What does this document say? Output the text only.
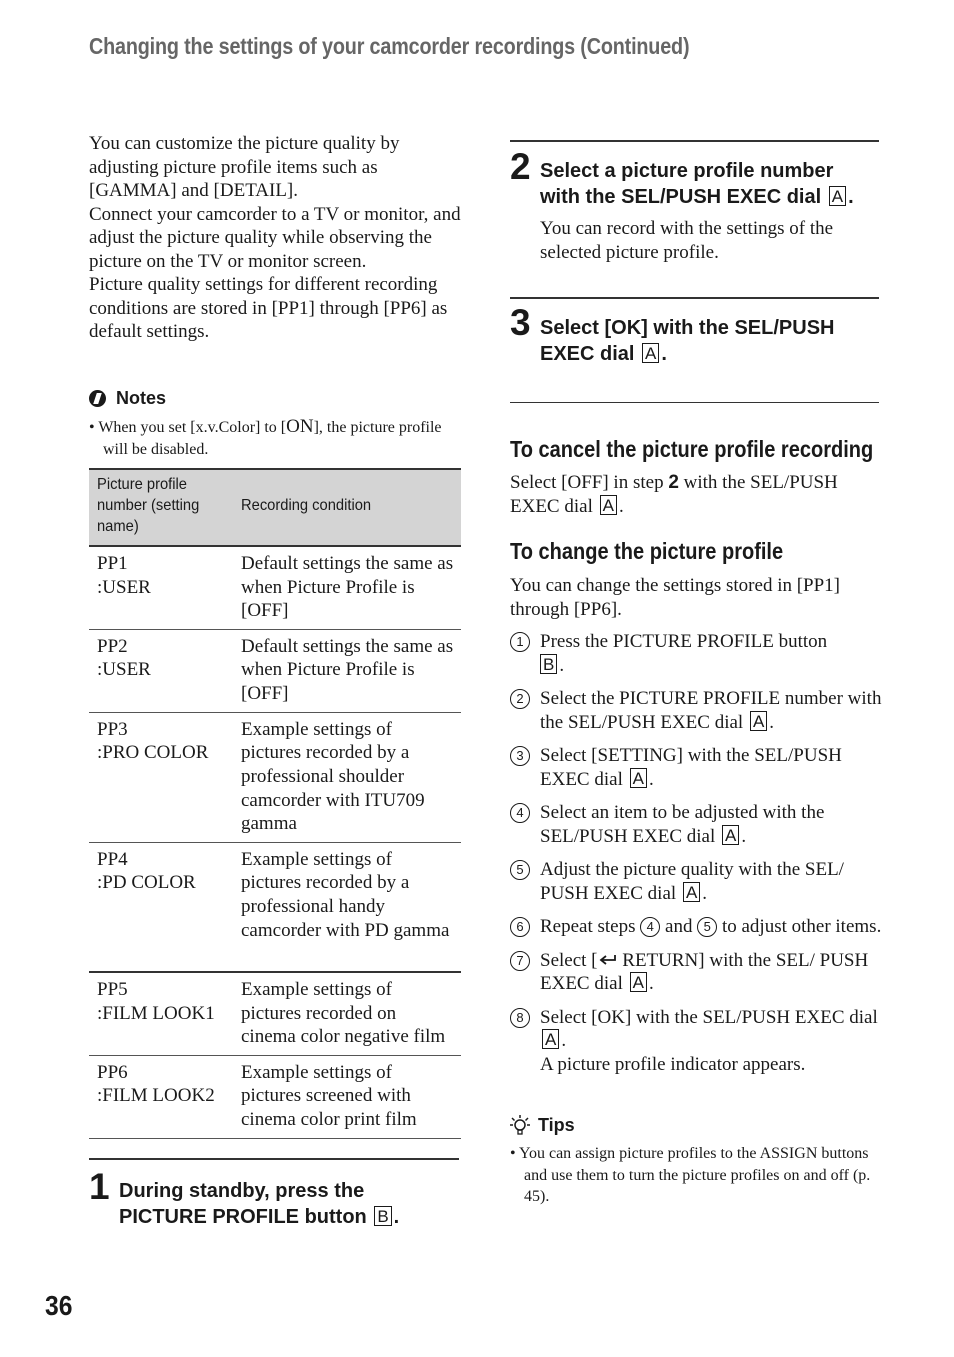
Changing the settings of your camcorder recordings (Continued)

You can customize the picture quality by adjusting picture profile items such as [GAMMA] and [DETAIL].

Connect your camcorder to a TV or monitor, and adjust the picture quality while observing the picture on the TV or monitor screen.

Picture quality settings for different recording conditions are stored in [PP1] through [PP6] as default settings.

Notes
• When you set [x.v.Color] to [ON], the picture profile will be disabled.
Picture profile number (setting name)	Recording condition
PP1
:USER	Default settings the same as when Picture Profile is [OFF]
PP2
:USER	Default settings the same as when Picture Profile is [OFF]
PP3
:PRO COLOR	Example settings of pictures recorded by a professional shoulder camcorder with ITU709 gamma
PP4
:PD COLOR	Example settings of pictures recorded by a professional handy camcorder with PD gamma
PP5
:FILM LOOK1	Example settings of pictures recorded on cinema color negative film
PP6
:FILM LOOK2	Example settings of pictures screened with cinema color print film
1 During standby, press the
PICTURE PROFILE button B .
2 Select a picture profile number
with the SEL/PUSH EXEC dial A .
You can record with the settings of the selected picture profile.
3 Select [OK] with the SEL/PUSH
EXEC dial A .
To cancel the picture profile recording
Select [OFF] in step 2 with the SEL/PUSH EXEC dial A .
To change the picture profile
You can change the settings stored in [PP1] through [PP6].
1 Press the PICTURE PROFILE button
B .
2 Select the PICTURE PROFILE number with the SEL/PUSH EXEC dial A .
3 Select [SETTING] with the SEL/PUSH EXEC dial A .
4 Select an item to be adjusted with the SEL/PUSH EXEC dial A .
5 Adjust the picture quality with the SEL/ PUSH EXEC dial A .
6 Repeat steps 4 and 5 to adjust other items.
7 Select [ RETURN] with the SEL/ PUSH EXEC dial A .
8 Select [OK] with the SEL/PUSH EXEC dial A .
A picture profile indicator appears.
Tips
• You can assign picture profiles to the ASSIGN buttons and use them to turn the picture profiles on and off (p. 45).
36
